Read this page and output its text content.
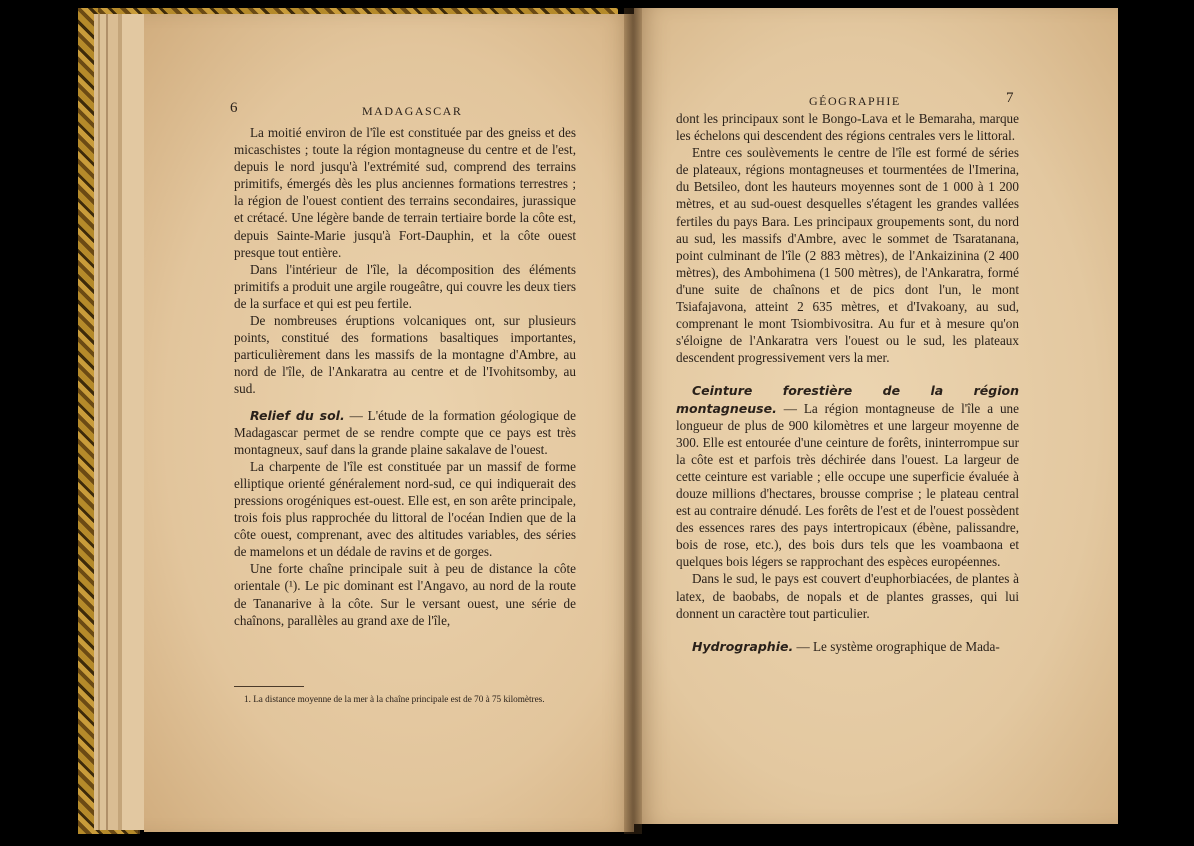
6	MADAGASCAR

La moitié environ de l'île est constituée par des gneiss et des micaschistes ; toute la région montagneuse du centre et de l'est, depuis le nord jusqu'à l'extrémité sud, comprend des terrains primitifs, émergés dès les plus anciennes formations terrestres ; la région de l'ouest contient des terrains secondaires, jurassique et crétacé. Une légère bande de terrain tertiaire borde la côte est, depuis Sainte-Marie jusqu'à Fort-Dauphin, et la côte ouest presque tout entière.

Dans l'intérieur de l'île, la décomposition des éléments primitifs a produit une argile rougeâtre, qui couvre les deux tiers de la surface et qui est peu fertile.

De nombreuses éruptions volcaniques ont, sur plusieurs points, constitué des formations basaltiques importantes, particulièrement dans les massifs de la montagne d'Ambre, au nord de l'île, de l'Ankaratra au centre et de l'Ivohitsomby, au sud.

Relief du sol. — L'étude de la formation géologique de Madagascar permet de se rendre compte que ce pays est très montagneux, sauf dans la grande plaine sakalave de l'ouest.

La charpente de l'île est constituée par un massif de forme elliptique orienté généralement nord-sud, ce qui indiquerait des pressions orogéniques est-ouest. Elle est, en son arête principale, trois fois plus rapprochée du littoral de l'océan Indien que de la côte ouest, comprenant, avec des altitudes variables, des séries de mamelons et un dédale de ravins et de gorges.

Une forte chaîne principale suit à peu de distance la côte orientale (¹). Le pic dominant est l'Angavo, au nord de la route de Tananarive à la côte. Sur le versant ouest, une série de chaînons, parallèles au grand axe de l'île,

1. La distance moyenne de la mer à la chaîne principale est de 70 à 75 kilomètres.
GÉOGRAPHIE	7

dont les principaux sont le Bongo-Lava et le Bemaraha, marque les échelons qui descendent des régions centrales vers le littoral.

Entre ces soulèvements le centre de l'île est formé de séries de plateaux, régions montagneuses et tourmentées de l'Imerina, du Betsileo, dont les hauteurs moyennes sont de 1 000 à 1 200 mètres, et au sud-ouest desquelles s'étagent les grandes vallées fertiles du pays Bara. Les principaux groupements sont, du nord au sud, les massifs d'Ambre, avec le sommet de Tsaratanana, point culminant de l'île (2 883 mètres), de l'Ankaizinina (2 400 mètres), des Ambohimena (1 500 mètres), de l'Ankaratra, formé d'une suite de chaînons et de pics dont l'un, le mont Tsiafajavona, atteint 2 635 mètres, et d'Ivakoany, au sud, comprenant le mont Tsiombivositra. Au fur et à mesure qu'on s'éloigne de l'Ankaratra vers l'ouest ou le sud, les plateaux descendent progressivement vers la mer.

Ceinture forestière de la région montagneuse. — La région montagneuse de l'île a une longueur de plus de 900 kilomètres et une largeur moyenne de 300. Elle est entourée d'une ceinture de forêts, ininterrompue sur la côte est et parfois très déchirée dans l'ouest. La largeur de cette ceinture est variable ; elle occupe une superficie évaluée à douze millions d'hectares, brousse comprise ; le plateau central est au contraire dénudé. Les forêts de l'est et de l'ouest possèdent des essences rares des pays intertropicaux (ébène, palissandre, bois de rose, etc.), des bois durs tels que les voambaona et quelques bois légers se rapprochant des espèces européennes.

Dans le sud, le pays est couvert d'euphorbiacées, de plantes à latex, de baobabs, de nopals et de plantes grasses, qui lui donnent un caractère tout particulier.

Hydrographie. — Le système orographique de Mada-
